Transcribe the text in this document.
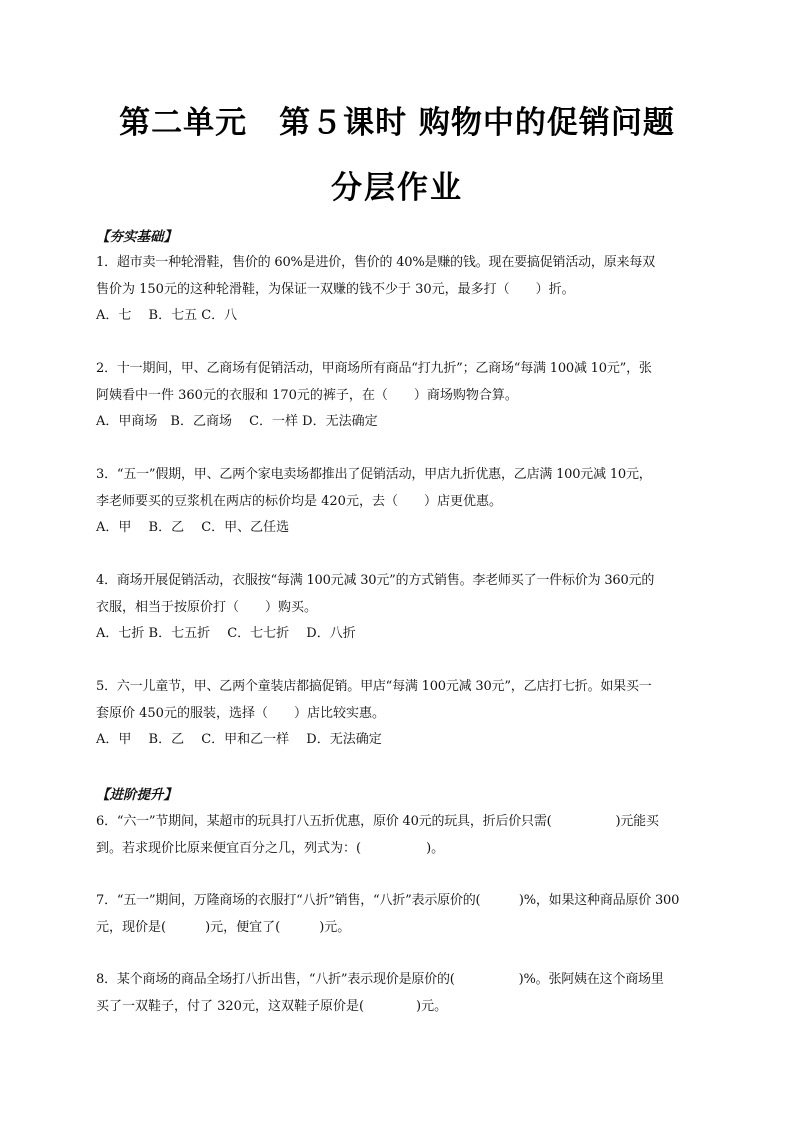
第二单元　第５课时 购物中的促销问题
分层作业
【夯实基础】
1．超市卖一种轮滑鞋，售价的 60%是进价，售价的 40%是赚的钱。现在要搞促销活动，原来每双
售价为 150元的这种轮滑鞋，为保证一双赚的钱不少于 30元，最多打（　　）折。
A．七　 B．七五 C．八
2．十一期间，甲、乙商场有促销活动，甲商场所有商品“打九折”；乙商场“每满 100减 10元”，张
阿姨看中一件 360元的衣服和 170元的裤子，在（　　）商场购物合算。
A．甲商场　B．乙商场　 C．一样 D．无法确定
3．“五一”假期，甲、乙两个家电卖场都推出了促销活动，甲店九折优惠，乙店满 100元减 10元，
李老师要买的豆浆机在两店的标价均是 420元，去（　　）店更优惠。
A．甲　 B．乙　 C．甲、乙任选
4．商场开展促销活动，衣服按“每满 100元减 30元”的方式销售。李老师买了一件标价为 360元的
衣服，相当于按原价打（　　）购买。
A．七折 B．七五折　 C．七七折　 D．八折
5．六一儿童节，甲、乙两个童装店都搞促销。甲店“每满 100元减 30元”，乙店打七折。如果买一
套原价 450元的服装，选择（　　）店比较实惠。
A．甲　 B．乙　 C．甲和乙一样　 D．无法确定
【进阶提升】
6．“六一”节期间，某超市的玩具打八五折优惠，原价 40元的玩具，折后价只需(　　　　　)元能买
到。若求现价比原来便宜百分之几，列式为：(　　　　　)。
7．“五一”期间，万隆商场的衣服打“八折”销售，“八折”表示原价的(　　　)%，如果这种商品原价 300
元，现价是(　　　)元，便宜了(　　　)元。
8．某个商场的商品全场打八折出售，“八折”表示现价是原价的(　　　　　)%。张阿姨在这个商场里
买了一双鞋子，付了 320元，这双鞋子原价是(　　　　)元。
